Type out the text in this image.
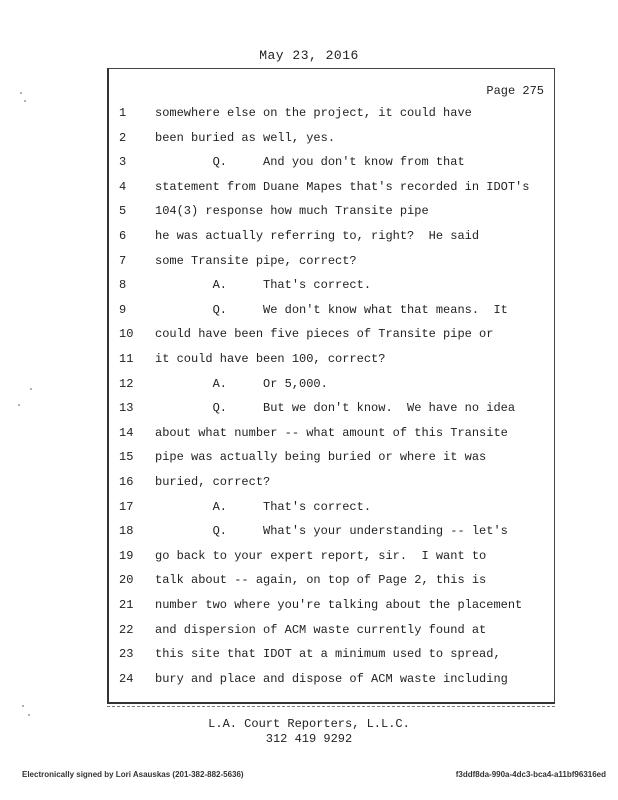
May 23, 2016
Page 275
1	somewhere else on the project, it could have
2	been buried as well, yes.
3	Q.     And you don't know from that
4	statement from Duane Mapes that's recorded in IDOT's
5	104(3) response how much Transite pipe
6	he was actually referring to, right?  He said
7	some Transite pipe, correct?
8	A.     That's correct.
9	Q.     We don't know what that means.  It
10	could have been five pieces of Transite pipe or
11	it could have been 100, correct?
12	A.     Or 5,000.
13	Q.     But we don't know.  We have no idea
14	about what number -- what amount of this Transite
15	pipe was actually being buried or where it was
16	buried, correct?
17	A.     That's correct.
18	Q.     What's your understanding -- let's
19	go back to your expert report, sir.  I want to
20	talk about -- again, on top of Page 2, this is
21	number two where you're talking about the placement
22	and dispersion of ACM waste currently found at
23	this site that IDOT at a minimum used to spread,
24	bury and place and dispose of ACM waste including
L.A. Court Reporters, L.L.C.
312 419 9292
Electronically signed by Lori Asauskas (201-382-882-5636)	f3ddf8da-990a-4dc3-bca4-a11bf96316ed
